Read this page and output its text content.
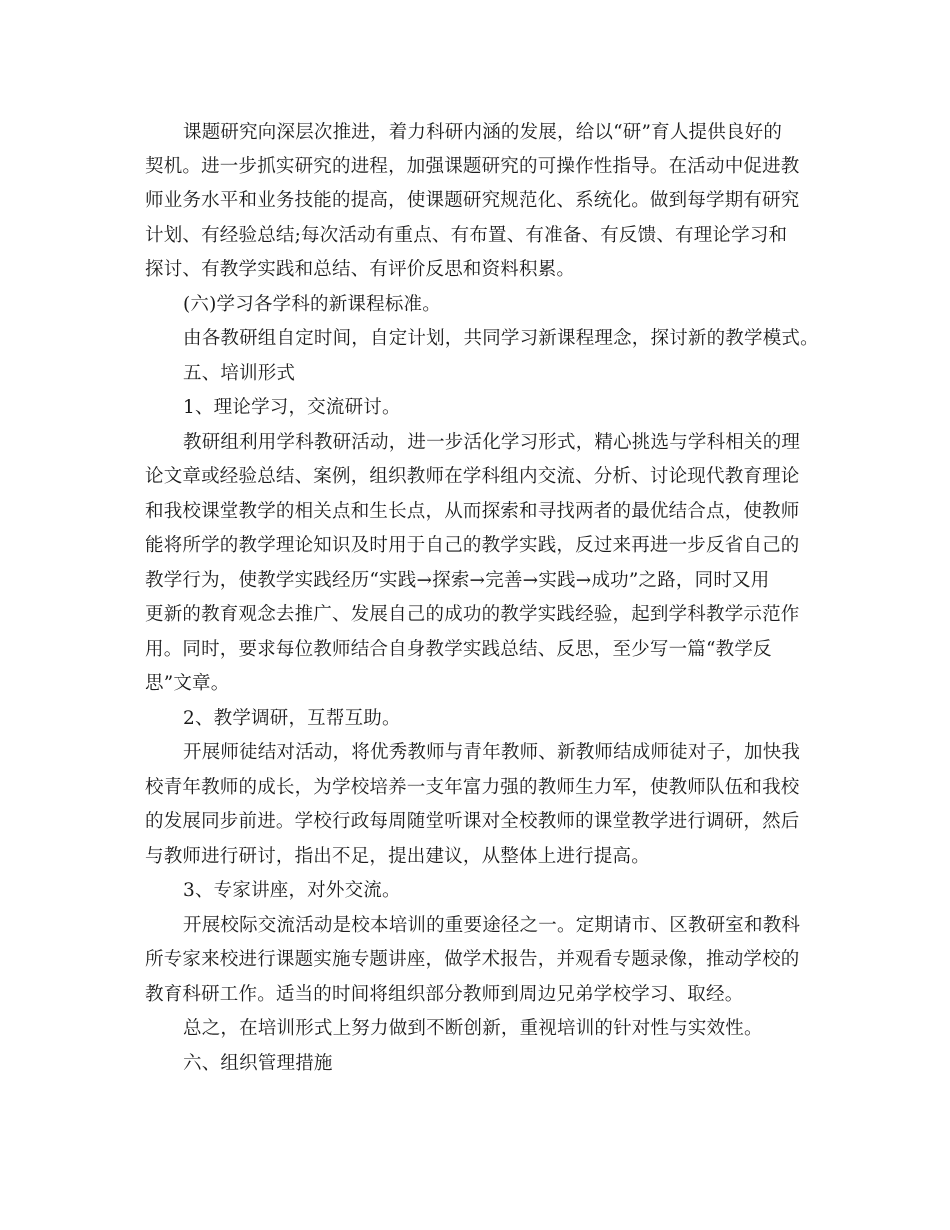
课题研究向深层次推进，着力科研内涵的发展，给以“研”育人提供良好的
契机。进一步抓实研究的进程，加强课题研究的可操作性指导。在活动中促进教
师业务水平和业务技能的提高，使课题研究规范化、系统化。做到每学期有研究
计划、有经验总结;每次活动有重点、有布置、有准备、有反馈、有理论学习和
探讨、有教学实践和总结、有评价反思和资料积累。
(六)学习各学科的新课程标准。
由各教研组自定时间，自定计划，共同学习新课程理念，探讨新的教学模式。
五、培训形式
1、理论学习，交流研讨。
教研组利用学科教研活动，进一步活化学习形式，精心挑选与学科相关的理
论文章或经验总结、案例，组织教师在学科组内交流、分析、讨论现代教育理论
和我校课堂教学的相关点和生长点，从而探索和寻找两者的最优结合点，使教师
能将所学的教学理论知识及时用于自己的教学实践，反过来再进一步反省自己的
教学行为，使教学实践经历“实践→探索→完善→实践→成功”之路，同时又用
更新的教育观念去推广、发展自己的成功的教学实践经验，起到学科教学示范作
用。同时，要求每位教师结合自身教学实践总结、反思，至少写一篇“教学反
思”文章。
2、教学调研，互帮互助。
开展师徒结对活动，将优秀教师与青年教师、新教师结成师徒对子，加快我
校青年教师的成长，为学校培养一支年富力强的教师生力军，使教师队伍和我校
的发展同步前进。学校行政每周随堂听课对全校教师的课堂教学进行调研，然后
与教师进行研讨，指出不足，提出建议，从整体上进行提高。
3、专家讲座，对外交流。
开展校际交流活动是校本培训的重要途径之一。定期请市、区教研室和教科
所专家来校进行课题实施专题讲座，做学术报告，并观看专题录像，推动学校的
教育科研工作。适当的时间将组织部分教师到周边兄弟学校学习、取经。
总之，在培训形式上努力做到不断创新，重视培训的针对性与实效性。
六、组织管理措施
